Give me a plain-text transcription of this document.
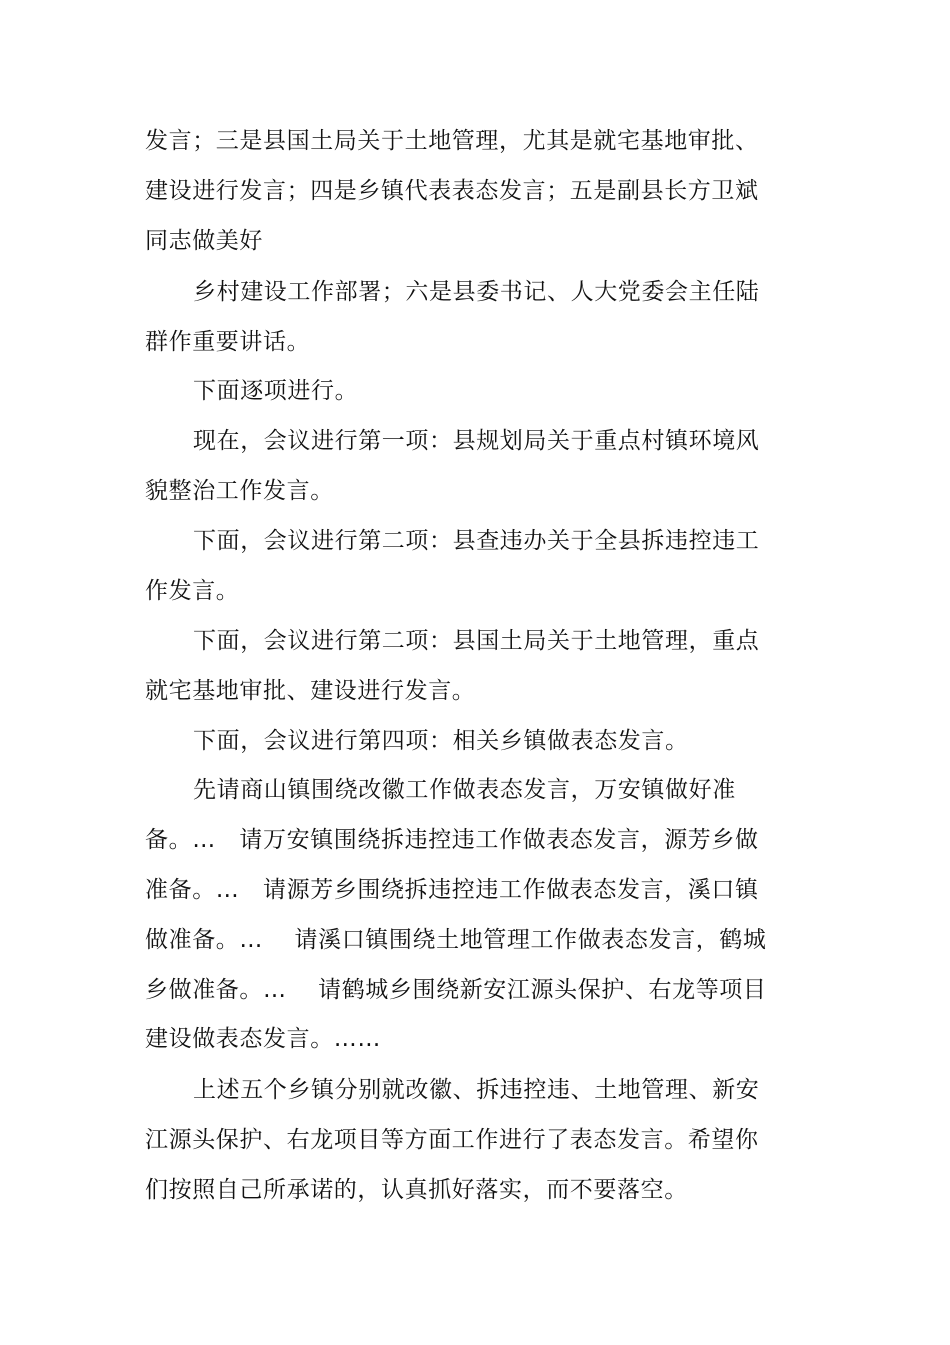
发言；三是县国土局关于土地管理，尤其是就宅基地审批、
建设进行发言；四是乡镇代表表态发言；五是副县长方卫斌
同志做美好
乡村建设工作部署；六是县委书记、人大党委会主任陆
群作重要讲话。
下面逐项进行。
现在，会议进行第一项：县规划局关于重点村镇环境风
貌整治工作发言。
下面，会议进行第二项：县查违办关于全县拆违控违工
作发言。
下面，会议进行第二项：县国土局关于土地管理，重点
就宅基地审批、建设进行发言。
下面，会议进行第四项：相关乡镇做表态发言。
先请商山镇围绕改徽工作做表态发言，万安镇做好准
备。…　请万安镇围绕拆违控违工作做表态发言，源芳乡做
准备。…　请源芳乡围绕拆违控违工作做表态发言，溪口镇
做准备。…　 请溪口镇围绕土地管理工作做表态发言，鹤城
乡做准备。…　 请鹤城乡围绕新安江源头保护、右龙等项目
建设做表态发言。……
上述五个乡镇分别就改徽、拆违控违、土地管理、新安
江源头保护、右龙项目等方面工作进行了表态发言。希望你
们按照自己所承诺的，认真抓好落实，而不要落空。
